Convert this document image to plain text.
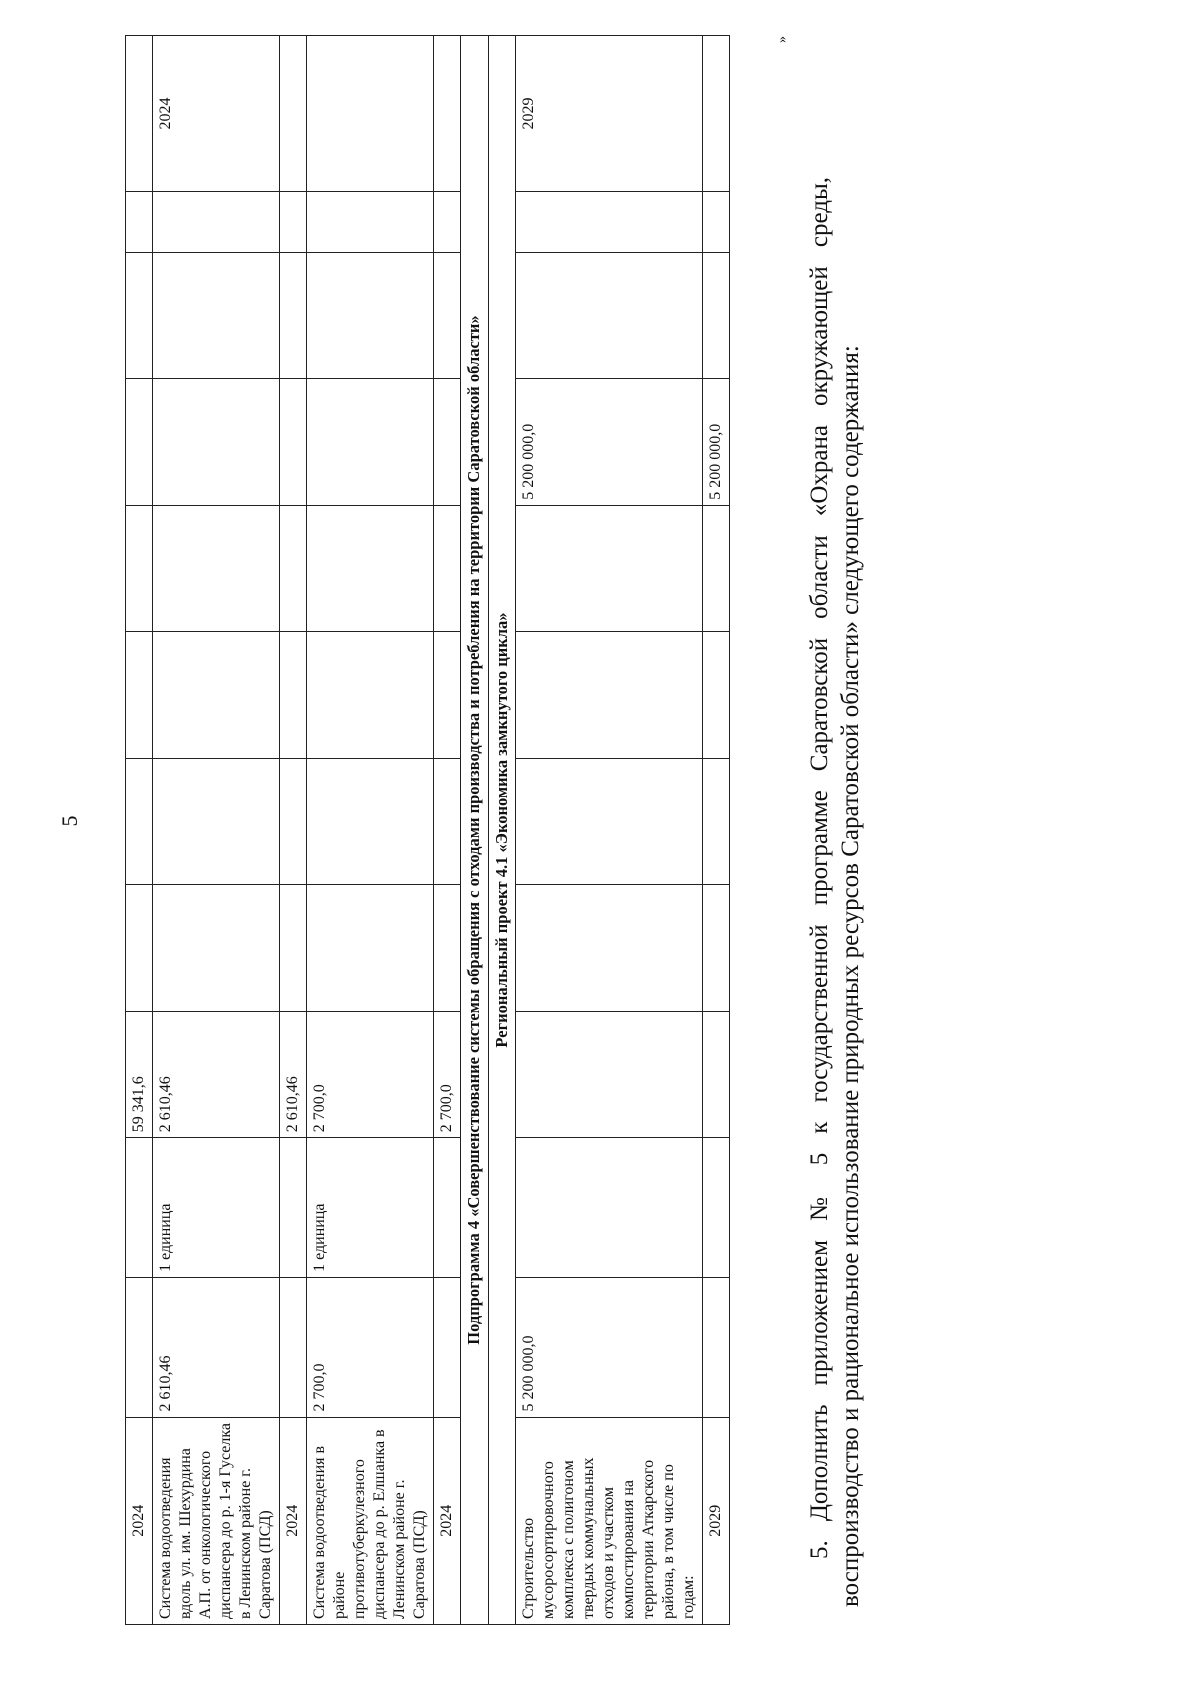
5
2024			59 341,6								
Система водоотведения вдоль ул. им. Шехурдина А.П. от онкологического диспансера до р. 1-я Гуселка в Ленинском районе г. Саратова (ПСД)	2 610,46	1 единица	2 610,46								2024
2024			2 610,46								
Система водоотведения в районе противотуберкулезного диспансера до р. Елшанка в Ленинском районе г. Саратова (ПСД)	2 700,0	1 единица	2 700,0								
2024			2 700,0								
Подпрограмма 4 «Совершенствование системы обращения с отходами производства и потребления на территории Саратовской области»											
Региональный проект 4.1 «Экономика замкнутого цикла»											
Строительство мусоросортировочного комплекса с полигоном твердых коммунальных отходов и участком компостирования на территории Аткарского района, в том числе по годам:	5 200 000,0							5 200 000,0			2029
2029								5 200 000,0			
»

5. Дополнить приложением № 5 к государственной программе Саратовской области «Охрана окружающей среды, воспроизводство и рациональное использование природных ресурсов Саратовской области» следующего содержания:
